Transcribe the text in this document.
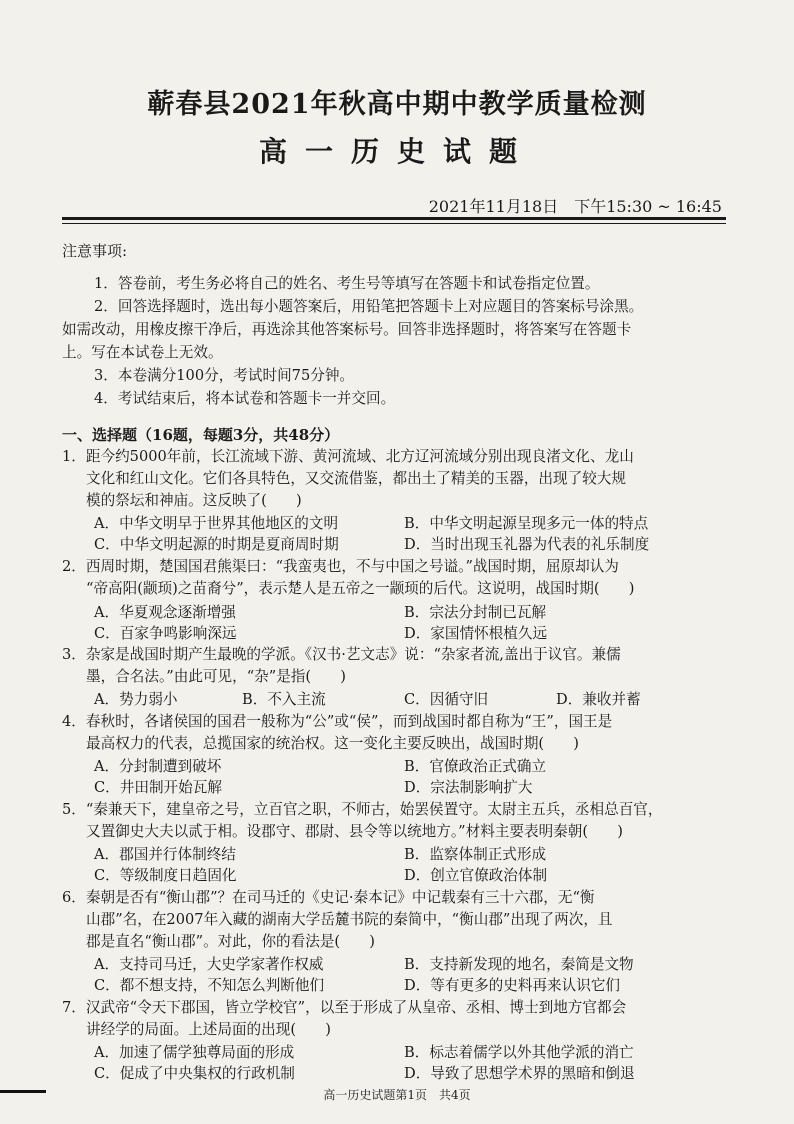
蕲春县2021年秋高中期中教学质量检测
高一历史试题
2021年11月18日　下午15:30 ~ 16:45
注意事项:
1．答卷前，考生务必将自己的姓名、考生号等填写在答题卡和试卷指定位置。
2．回答选择题时，选出每小题答案后，用铅笔把答题卡上对应题目的答案标号涂黑。
如需改动，用橡皮擦干净后，再选涂其他答案标号。回答非选择题时，将答案写在答题卡
上。写在本试卷上无效。
3．本卷满分100分，考试时间75分钟。
4．考试结束后，将本试卷和答题卡一并交回。
一、选择题（16题，每题3分，共48分）
1．距今约5000年前，长江流域下游、黄河流域、北方辽河流域分别出现良渚文化、龙山
文化和红山文化。它们各具特色，又交流借鉴，都出土了精美的玉器，出现了较大规
模的祭坛和神庙。这反映了(　　)
A．中华文明早于世界其他地区的文明	B．中华文明起源呈现多元一体的特点
C．中华文明起源的时期是夏商周时期	D．当时出现玉礼器为代表的礼乐制度
2．西周时期，楚国国君熊渠曰：“我蛮夷也，不与中国之号谥。”战国时期，屈原却认为
“帝高阳(颛顼)之苗裔兮”，表示楚人是五帝之一颛顼的后代。这说明，战国时期(　　)
A．华夏观念逐渐增强	B．宗法分封制已瓦解
C．百家争鸣影响深远	D．家国情怀根植久远
3．杂家是战国时期产生最晚的学派。《汉书·艺文志》说：“杂家者流,盖出于议官。兼儒
墨，合名法。”由此可见，“杂”是指(　　)
A．势力弱小	B．不入主流	C．因循守旧	D．兼收并蓄
4．春秋时，各诸侯国的国君一般称为“公”或“侯”，而到战国时都自称为“王”，国王是
最高权力的代表，总揽国家的统治权。这一变化主要反映出，战国时期(　　)
A．分封制遭到破坏	B．官僚政治正式确立
C．井田制开始瓦解	D．宗法制影响扩大
5．“秦兼天下，建皇帝之号，立百官之职，不师古，始罢侯置守。太尉主五兵，丞相总百官，
又置御史大夫以贰于相。设郡守、郡尉、县令等以统地方。”材料主要表明秦朝(　　)
A．郡国并行体制终结	B．监察体制正式形成
C．等级制度日趋固化	D．创立官僚政治体制
6．秦朝是否有“衡山郡”？在司马迁的《史记·秦本记》中记载秦有三十六郡，无“衡
山郡”名，在2007年入藏的湖南大学岳麓书院的秦简中，“衡山郡”出现了两次，且
郡是直名“衡山郡”。对此，你的看法是(　　)
A．支持司马迁，大史学家著作权威	B．支持新发现的地名，秦简是文物
C．都不想支持，不知怎么判断他们	D．等有更多的史料再来认识它们
7．汉武帝“令天下郡国，皆立学校官”，以至于形成了从皇帝、丞相、博士到地方官都会
讲经学的局面。上述局面的出现(　　)
A．加速了儒学独尊局面的形成	B．标志着儒学以外其他学派的消亡
高一历史试题第1页　共4页
C．促成了中央集权的行政机制	D．导致了思想学术界的黑暗和倒退
